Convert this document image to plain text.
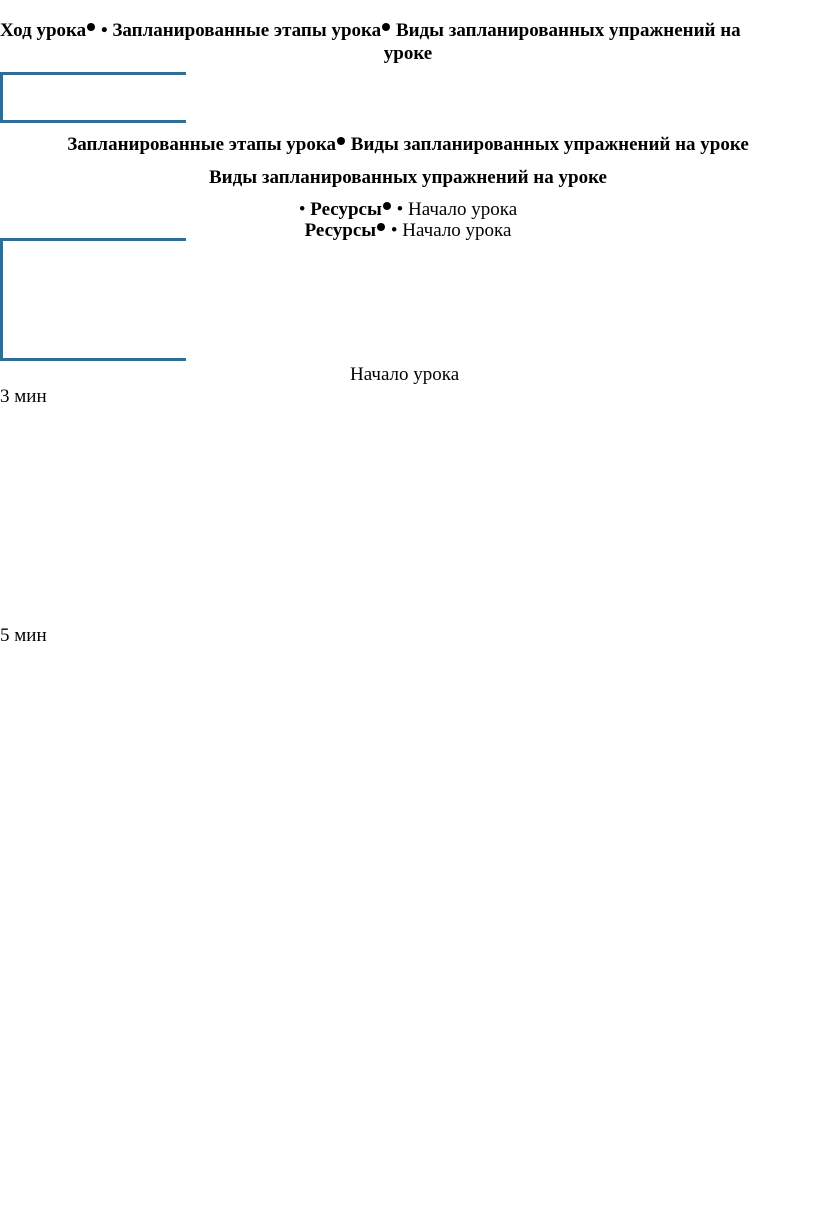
Ход урока • Запланированные этапы урока Виды запланированных упражнений на

уроке

Запланированные этапы урока Виды запланированных упражнений на уроке

Виды запланированных упражнений на уроке

• Ресурсы • Начало урока

Ресурсы • Начало урока

Начало урока

3 мин

5 мин
